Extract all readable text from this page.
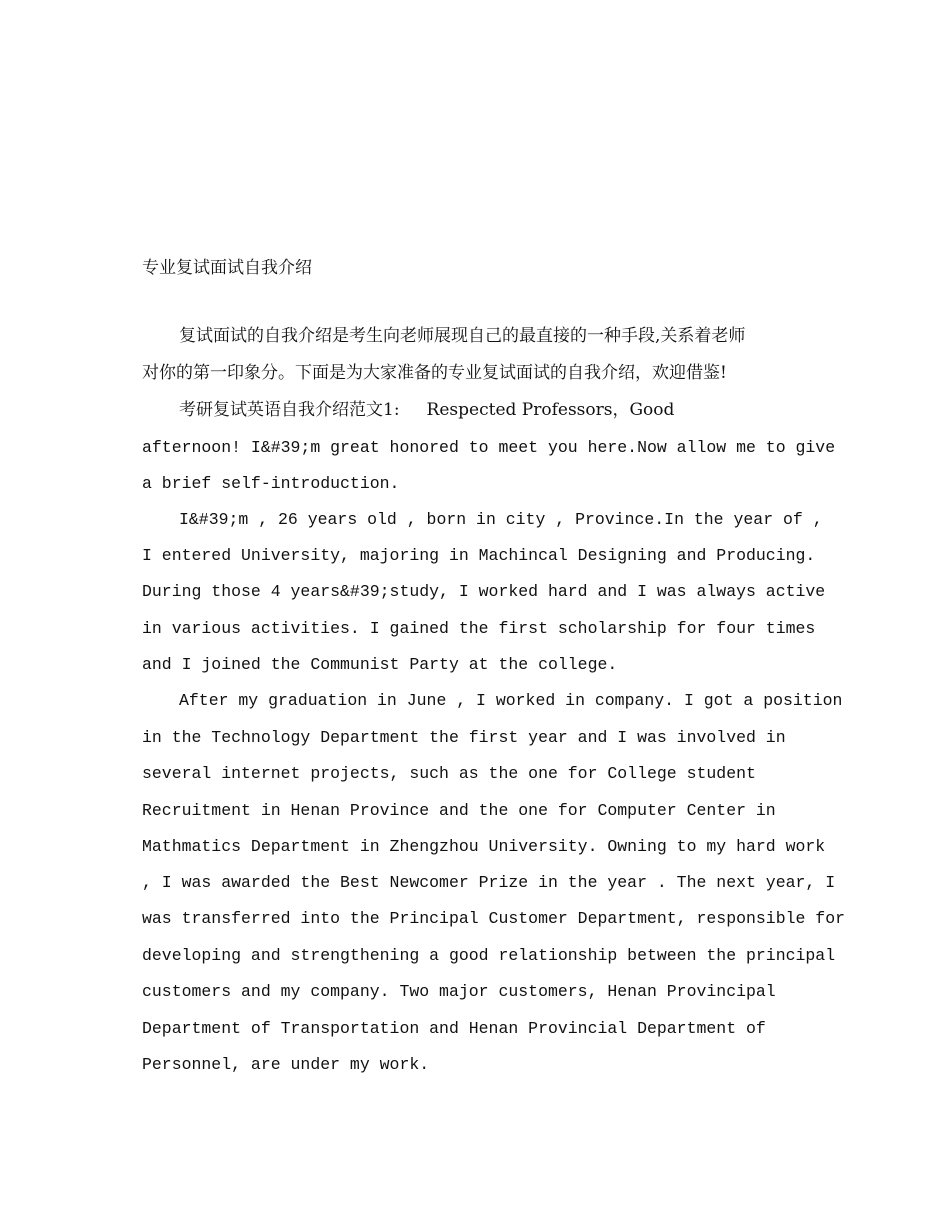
专业复试面试自我介绍
复试面试的自我介绍是考生向老师展现自己的最直接的一种手段,关系着老师
对你的第一印象分。下面是为大家准备的专业复试面试的自我介绍，欢迎借鉴!
考研复试英语自我介绍范文1:     Respected Professors，Good
afternoon! I&#39;m great honored to meet you here.Now allow me to give
a brief self-introduction.
I&#39;m , 26 years old , born in city , Province.In the year of ,
I entered University, majoring in Machincal Designing and Producing.
During those 4 years&#39;study, I worked hard and I was always active
in various activities. I gained the first scholarship for four times
and I joined the Communist Party at the college.
After my graduation in June , I worked in company. I got a position
in the Technology Department the first year and I was involved in
several internet projects, such as the one for College student
Recruitment in Henan Province and the one for Computer Center in
Mathmatics Department in Zhengzhou University. Owning to my hard work
, I was awarded the Best Newcomer Prize in the year . The next year, I
was transferred into the Principal Customer Department, responsible for
developing and strengthening a good relationship between the principal
customers and my company. Two major customers, Henan Provincipal
Department of Transportation and Henan Provincial Department of
Personnel, are under my work.
